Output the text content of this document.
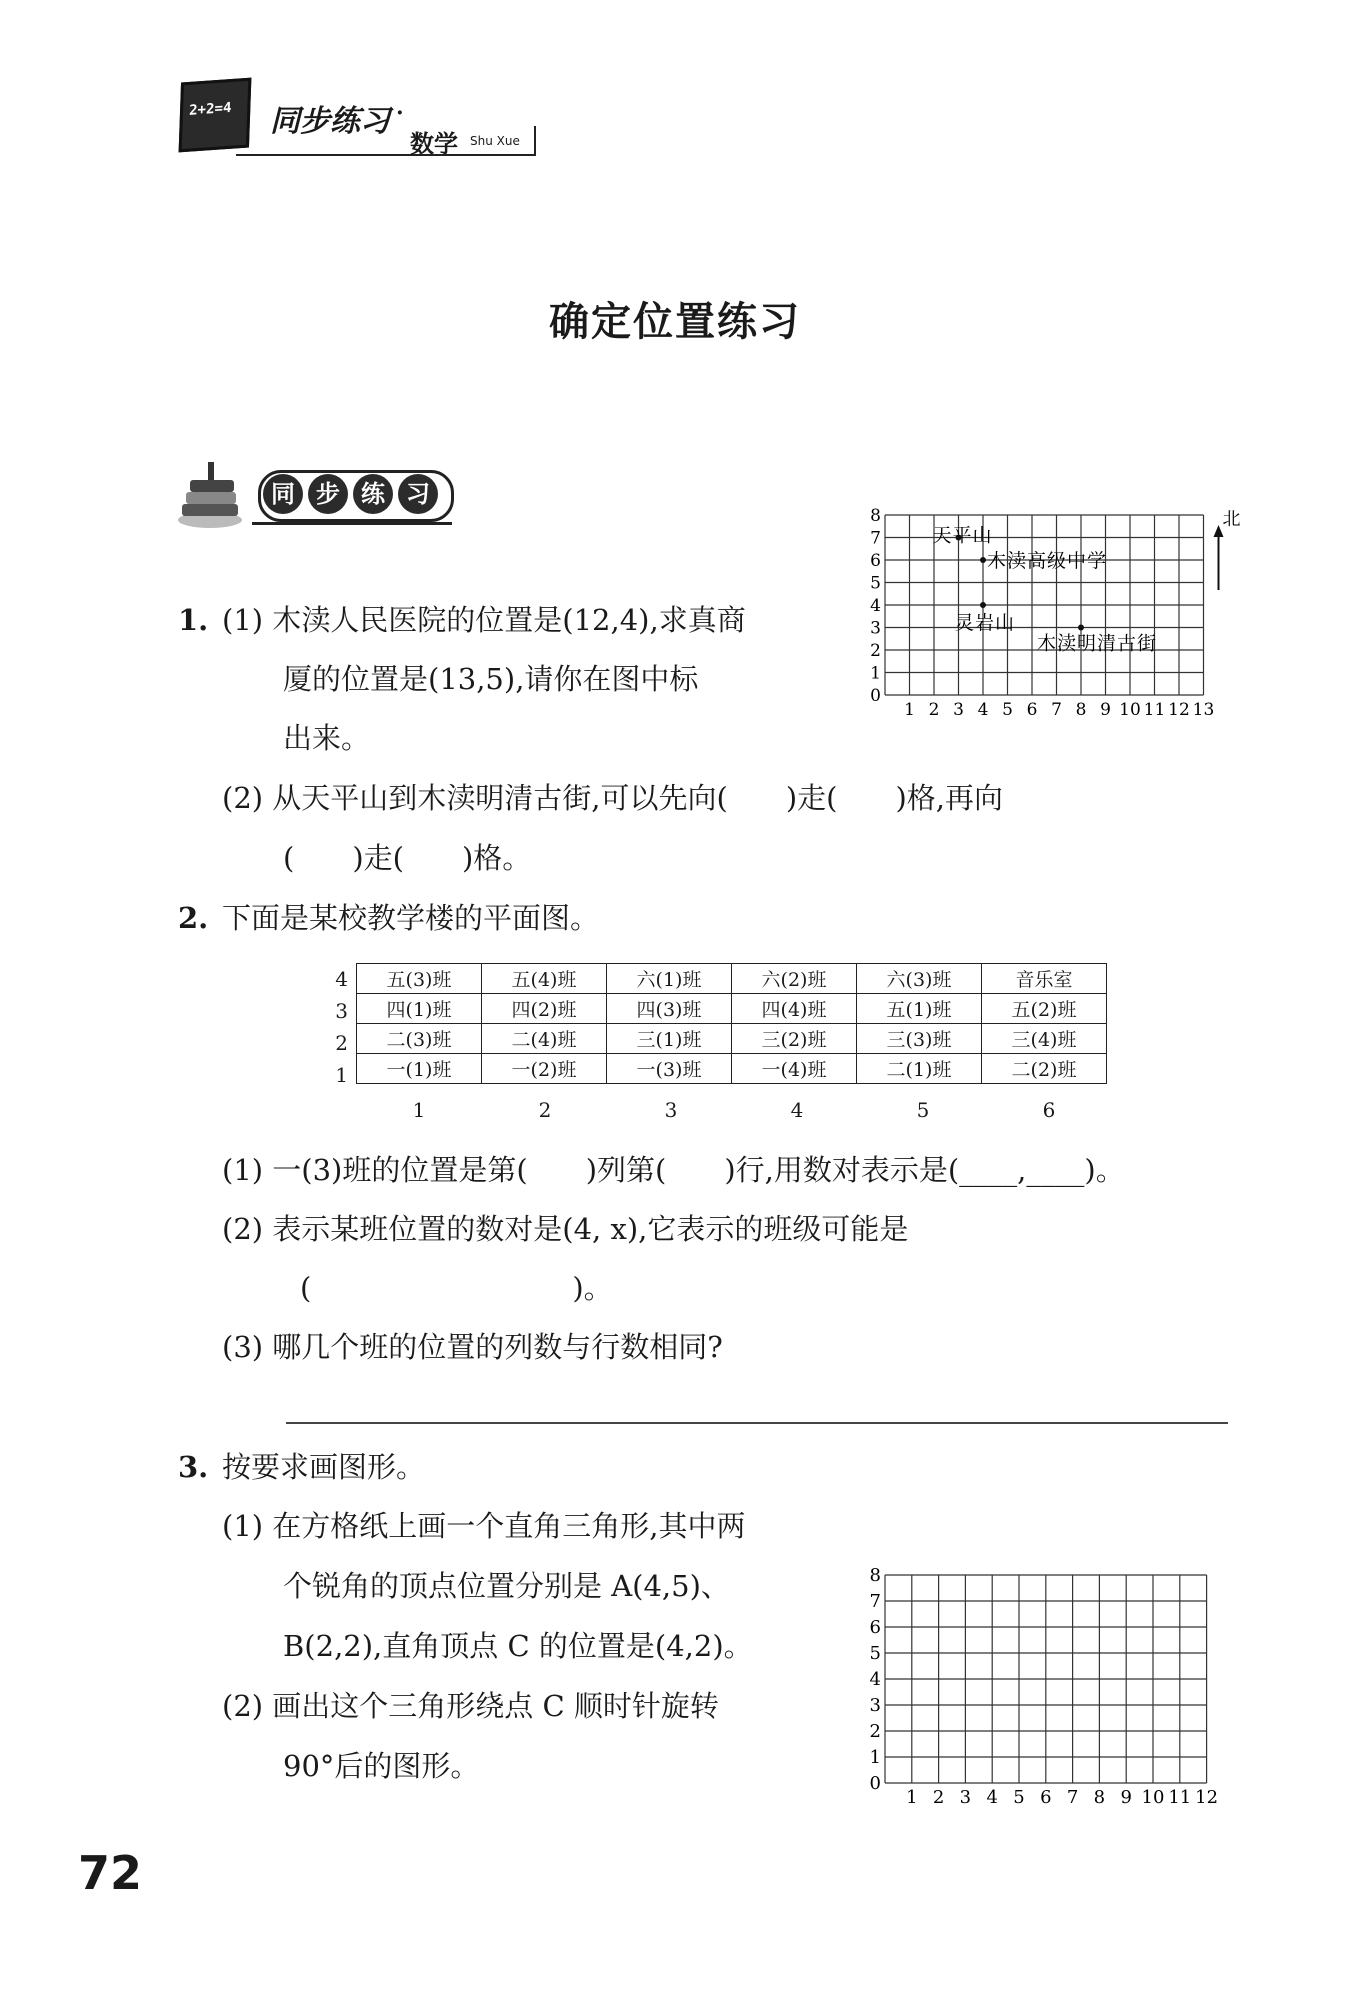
2+2=4 同步练习 ·
数学 Shu Xue
确定位置练习
同 步 练 习
1. (1) 木渎人民医院的位置是(12,4),求真商
厦的位置是(13,5),请你在图中标
出来。
(2) 从天平山到木渎明清古街,可以先向(　　)走(　　)格,再向
(　　)走(　　)格。
1 2 3 4 5 6 7 8 9 10 11 12 13
0
1
2
3
4
5
6
7
8
天平山
木渎高级中学
灵岩山
木渎明清古街
北
2. 下面是某校教学楼的平面图。
4
3
2
1
五(3)班	五(4)班	六(1)班	六(2)班	六(3)班	音乐室
四(1)班	四(2)班	四(3)班	四(4)班	五(1)班	五(2)班
二(3)班	二(4)班	三(1)班	三(2)班	三(3)班	三(4)班
一(1)班	一(2)班	一(3)班	一(4)班	二(1)班	二(2)班
1	2	3	4	5	6
(1) 一(3)班的位置是第(　　)列第(　　)行,用数对表示是(____,____)。
(2) 表示某班位置的数对是(4, x),它表示的班级可能是
(　　　　　　　　　)。
(3) 哪几个班的位置的列数与行数相同?
3. 按要求画图形。
(1) 在方格纸上画一个直角三角形,其中两
个锐角的顶点位置分别是 A(4,5)、
B(2,2),直角顶点 C 的位置是(4,2)。
(2) 画出这个三角形绕点 C 顺时针旋转
90°后的图形。
1 2 3 4 5 6 7 8 9 10 11 12
0
1
2
3
4
5
6
7
8
72
